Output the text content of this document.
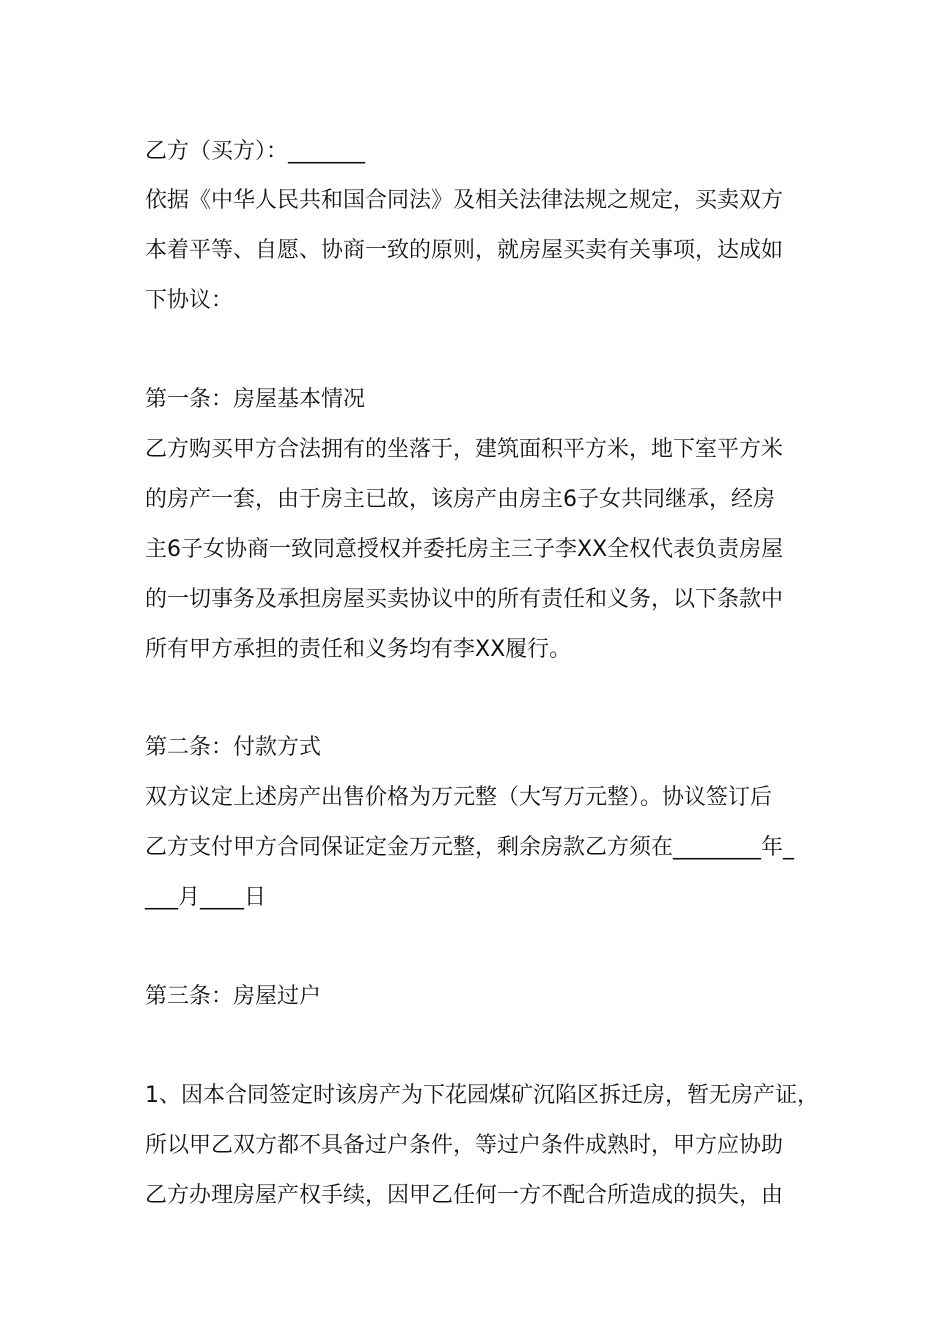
乙方（买方）：_______
依据《中华人民共和国合同法》及相关法律法规之规定，买卖双方
本着平等、自愿、协商一致的原则，就房屋买卖有关事项，达成如
下协议：
第一条：房屋基本情况
乙方购买甲方合法拥有的坐落于，建筑面积平方米，地下室平方米
的房产一套，由于房主已故，该房产由房主6子女共同继承，经房
主6子女协商一致同意授权并委托房主三子李XX全权代表负责房屋
的一切事务及承担房屋买卖协议中的所有责任和义务，以下条款中
所有甲方承担的责任和义务均有李XX履行。
第二条：付款方式
双方议定上述房产出售价格为万元整（大写万元整）。协议签订后
乙方支付甲方合同保证定金万元整，剩余房款乙方须在________年_
___月____日
第三条：房屋过户
1、因本合同签定时该房产为下花园煤矿沉陷区拆迁房，暂无房产证，
所以甲乙双方都不具备过户条件，等过户条件成熟时，甲方应协助
乙方办理房屋产权手续，因甲乙任何一方不配合所造成的损失，由
